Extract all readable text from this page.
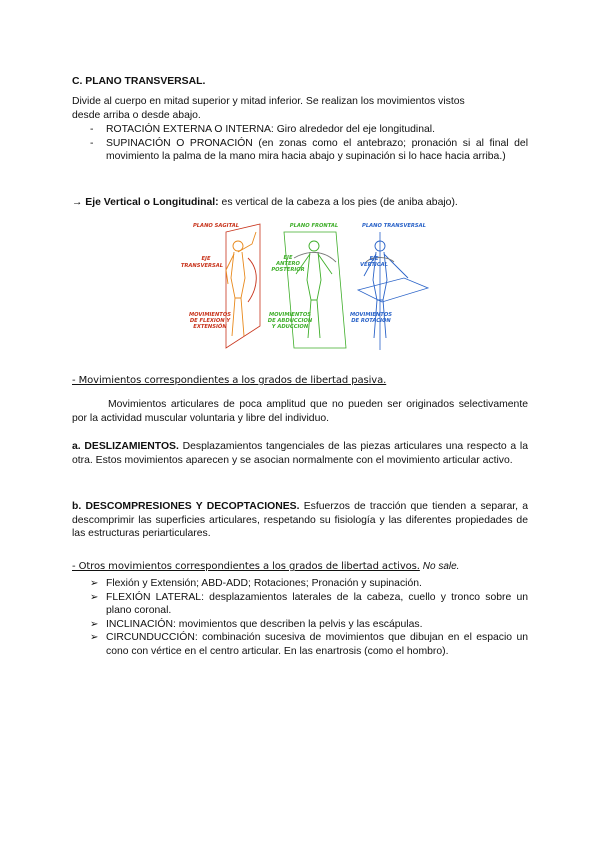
C. PLANO TRANSVERSAL.

Divide al cuerpo en mitad superior y mitad inferior. Se realizan los movimientos vistos desde arriba o desde abajo.

- ROTACIÓN EXTERNA O INTERNA: Giro alrededor del eje longitudinal.
- SUPINACIÓN O PRONACIÓN (en zonas como el antebrazo; pronación si al final del movimiento la palma de la mano mira hacia abajo y supinación si lo hace hacia arriba.)

→ Eje Vertical o Longitudinal: es vertical de la cabeza a los pies (de aniba abajo).

PLANO SAGITAL
EJE
TRANSVERSAL
MOVIMIENTOS
DE FLEXION Y
EXTENSIÓN
PLANO FRONTAL
EJE
ANTERO
POSTERIOR
MOVIMIENTOS
DE ABDUCCION
Y ADUCCION
PLANO TRANSVERSAL
EJE
VERTICAL
MOVIMIENTOS
DE ROTACION

- Movimientos correspondientes a los grados de libertad pasiva.

Movimientos articulares de poca amplitud que no pueden ser originados selectivamente por la actividad muscular voluntaria y libre del individuo.

a. DESLIZAMIENTOS. Desplazamientos tangenciales de las piezas articulares una respecto a la otra. Estos movimientos aparecen y se asocian normalmente con el movimiento articular activo.

b. DESCOMPRESIONES Y DECOPTACIONES. Esfuerzos de tracción que tienden a separar, a descomprimir las superficies articulares, respetando su fisiología y las diferentes propiedades de las estructuras periarticulares.

- Otros movimientos correspondientes a los grados de libertad activos. No sale.

➢ Flexión y Extensión; ABD-ADD; Rotaciones; Pronación y supinación.
➢ FLEXIÓN LATERAL: desplazamientos laterales de la cabeza, cuello y tronco sobre un plano coronal.
➢ INCLINACIÓN: movimientos que describen la pelvis y las escápulas.
➢ CIRCUNDUCCIÓN: combinación sucesiva de movimientos que dibujan en el espacio un cono con vértice en el centro articular. En las enartrosis (como el hombro).
